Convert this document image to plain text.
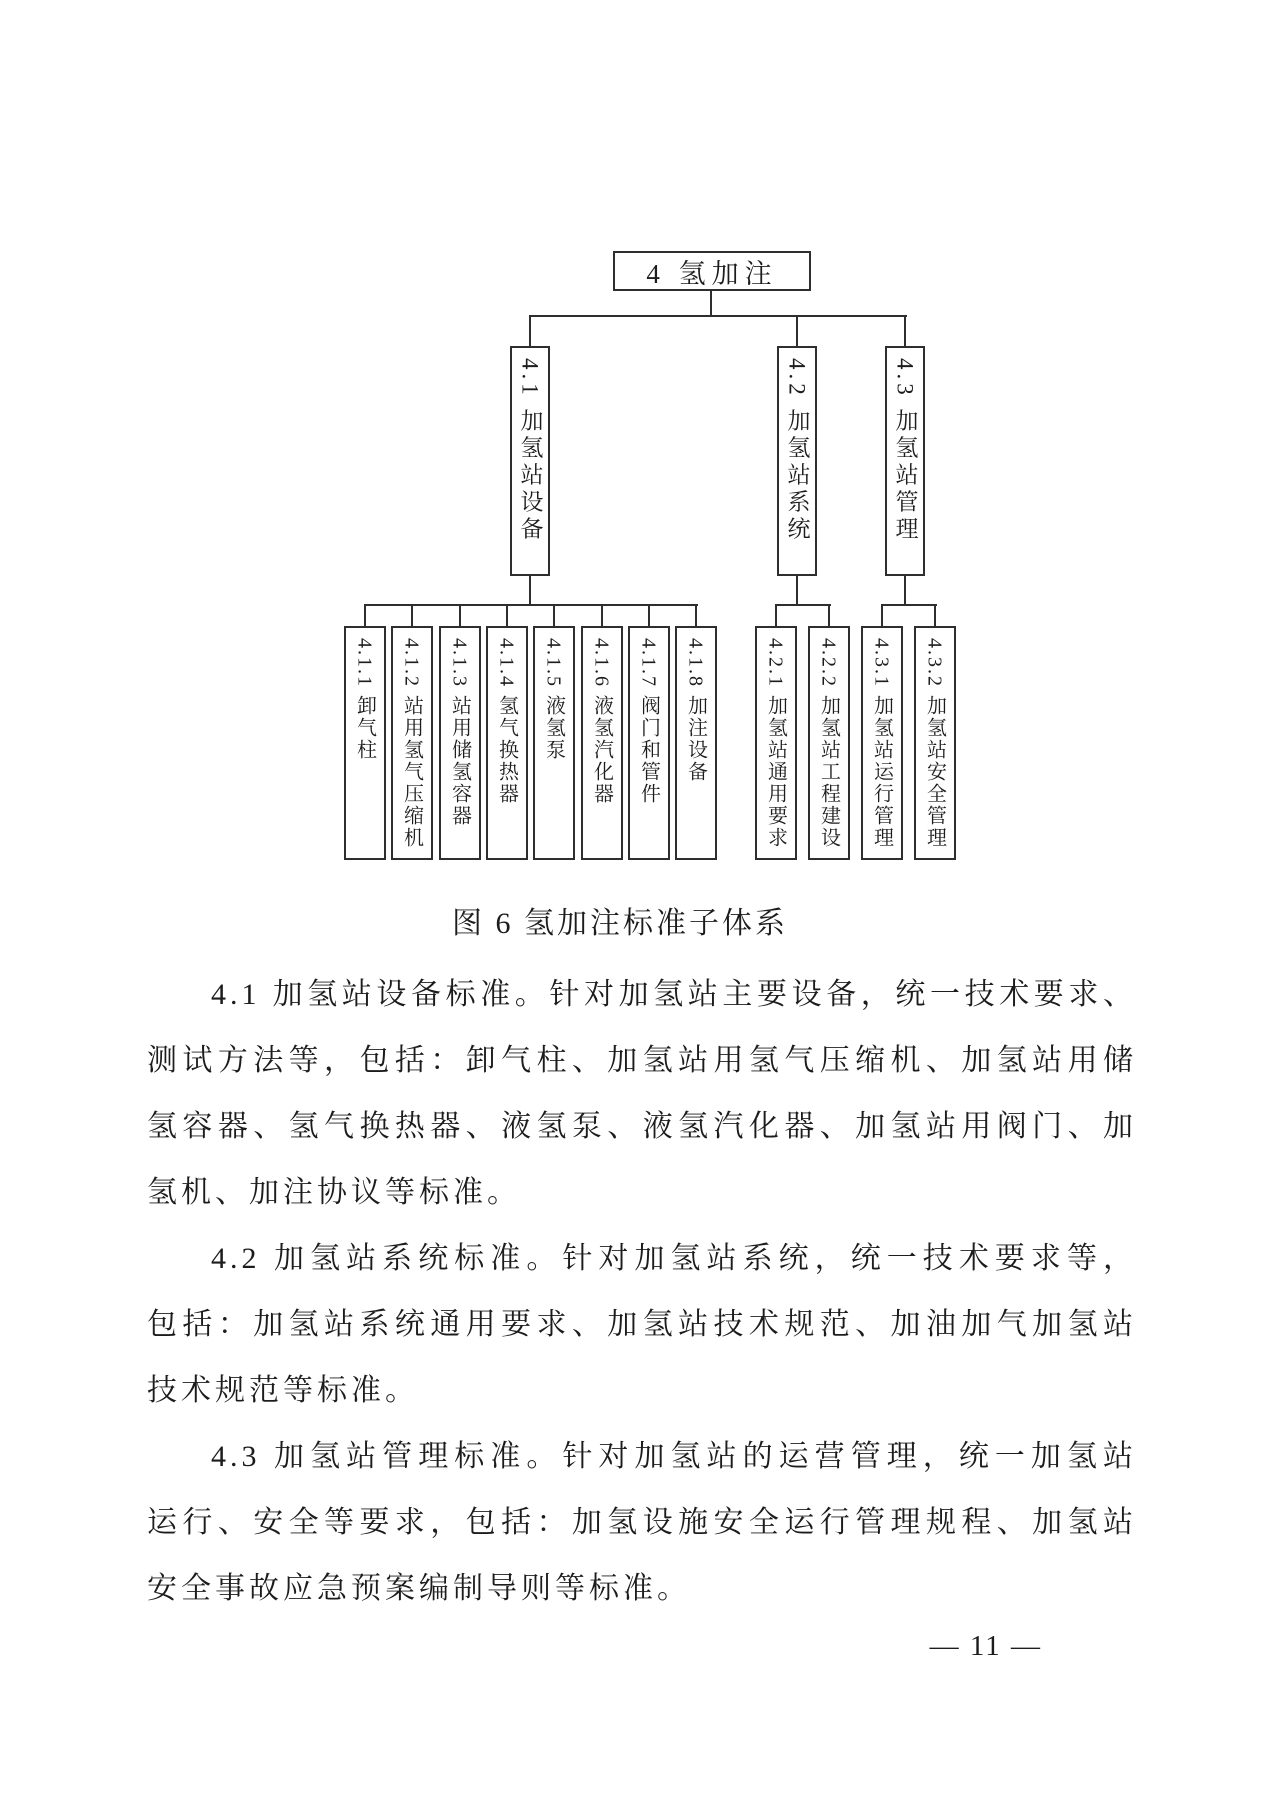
4 氢加注
4.1 加氢站设备	4.2 加氢站系统	4.3 加氢站管理
4.1.1 卸气柱 4.1.2 站用氢气压缩机 4.1.3 站用储氢容器 4.1.4 氢气换热器 4.1.5 液氢泵 4.1.6 液氢汽化器 4.1.7 阀门和管件 4.1.8 加注设备	4.2.1 加氢站通用要求 4.2.2 加氢站工程建设 4.3.1 加氢站运行管理 4.3.2 加氢站安全管理
图 6 氢加注标准子体系
4.1 加氢站设备标准。针对加氢站主要设备，统一技术要求、
测试方法等，包括：卸气柱、加氢站用氢气压缩机、加氢站用储
氢容器、氢气换热器、液氢泵、液氢汽化器、加氢站用阀门、加
氢机、加注协议等标准。
4.2 加氢站系统标准。针对加氢站系统，统一技术要求等，
包括：加氢站系统通用要求、加氢站技术规范、加油加气加氢站
技术规范等标准。
4.3 加氢站管理标准。针对加氢站的运营管理，统一加氢站
运行、安全等要求，包括：加氢设施安全运行管理规程、加氢站
安全事故应急预案编制导则等标准。
— 11 —
